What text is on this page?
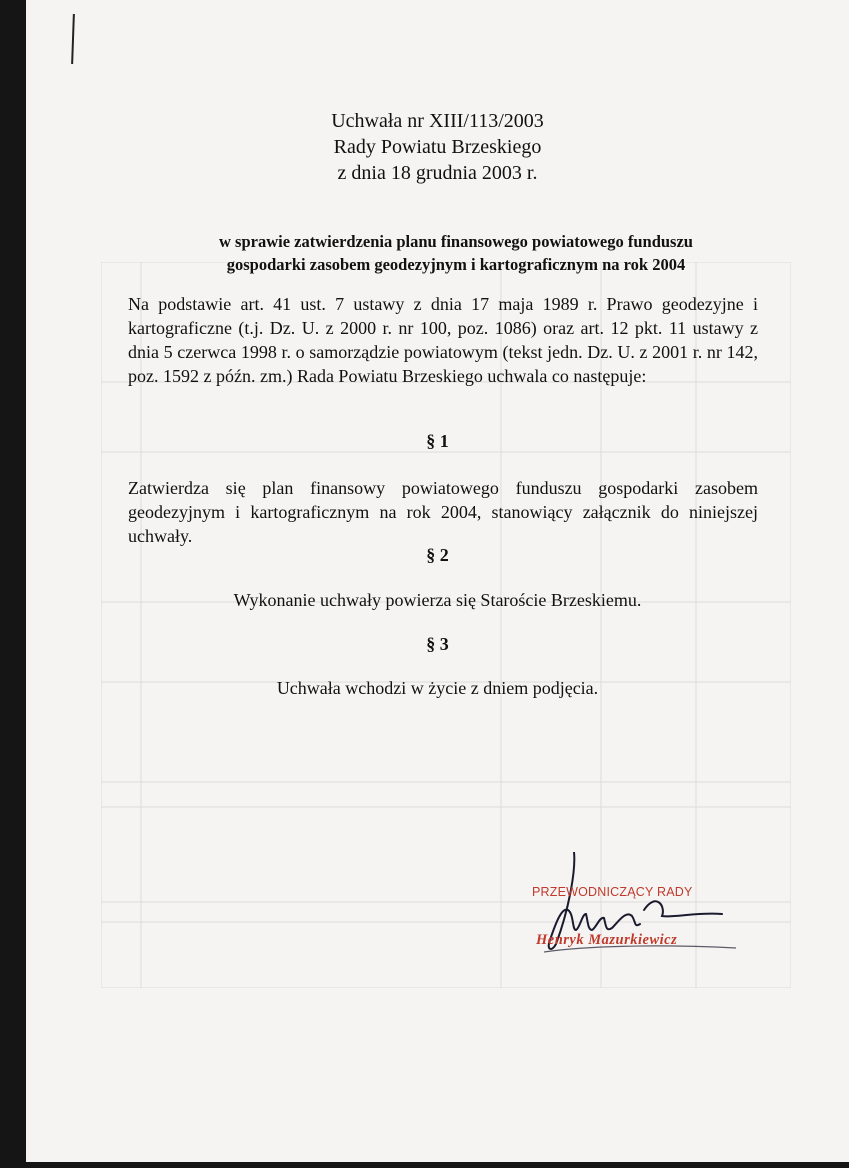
Uchwała nr XIII/113/2003
Rady Powiatu Brzeskiego
z dnia 18 grudnia 2003 r.
w sprawie zatwierdzenia planu finansowego powiatowego funduszu
gospodarki zasobem geodezyjnym i kartograficznym na rok 2004
Na podstawie art. 41 ust. 7 ustawy z dnia 17 maja 1989 r. Prawo geodezyjne i kartograficzne (t.j. Dz. U. z 2000 r. nr 100, poz. 1086) oraz art. 12 pkt. 11 ustawy z dnia 5 czerwca 1998 r. o samorządzie powiatowym (tekst jedn. Dz. U. z 2001 r. nr 142, poz. 1592 z późn. zm.) Rada Powiatu Brzeskiego uchwala co następuje:
§ 1
Zatwierdza się plan finansowy powiatowego funduszu gospodarki zasobem geodezyjnym i kartograficznym na rok 2004, stanowiący załącznik do niniejszej uchwały.
§ 2
Wykonanie uchwały powierza się Staroście Brzeskiemu.
§ 3
Uchwała wchodzi w życie z dniem podjęcia.
PRZEWODNICZĄCY RADY
Henryk Mazurkiewicz
